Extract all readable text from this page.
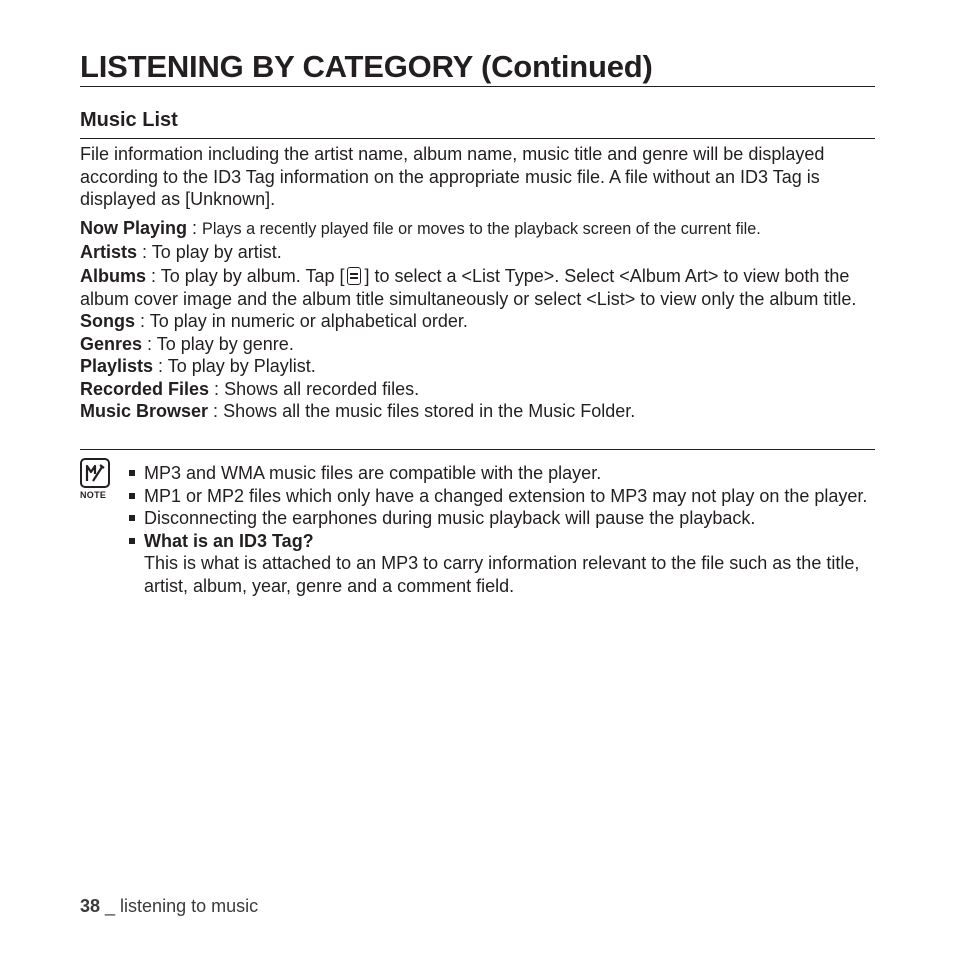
LISTENING BY CATEGORY (Continued)
Music List

File information including the artist name, album name, music title and genre will be displayed according to the ID3 Tag information on the appropriate music file. A file without an ID3 Tag is displayed as [Unknown].

Now Playing : Plays a recently played file or moves to the playback screen of the current file.
Artists : To play by artist.
Albums : To play by album. Tap [ ] to select a <List Type>. Select <Album Art> to view both the album cover image and the album title simultaneously or select <List> to view only the album title.
Songs : To play in numeric or alphabetical order.
Genres : To play by genre.
Playlists : To play by Playlist.
Recorded Files : Shows all recorded files.
Music Browser : Shows all the music files stored in the Music Folder.
NOTE
MP3 and WMA music files are compatible with the player.
MP1 or MP2 files which only have a changed extension to MP3 may not play on the player.
Disconnecting the earphones during music playback will pause the playback.
What is an ID3 Tag?
This is what is attached to an MP3 to carry information relevant to the file such as the title, artist, album, year, genre and a comment field.
38 _ listening to music
